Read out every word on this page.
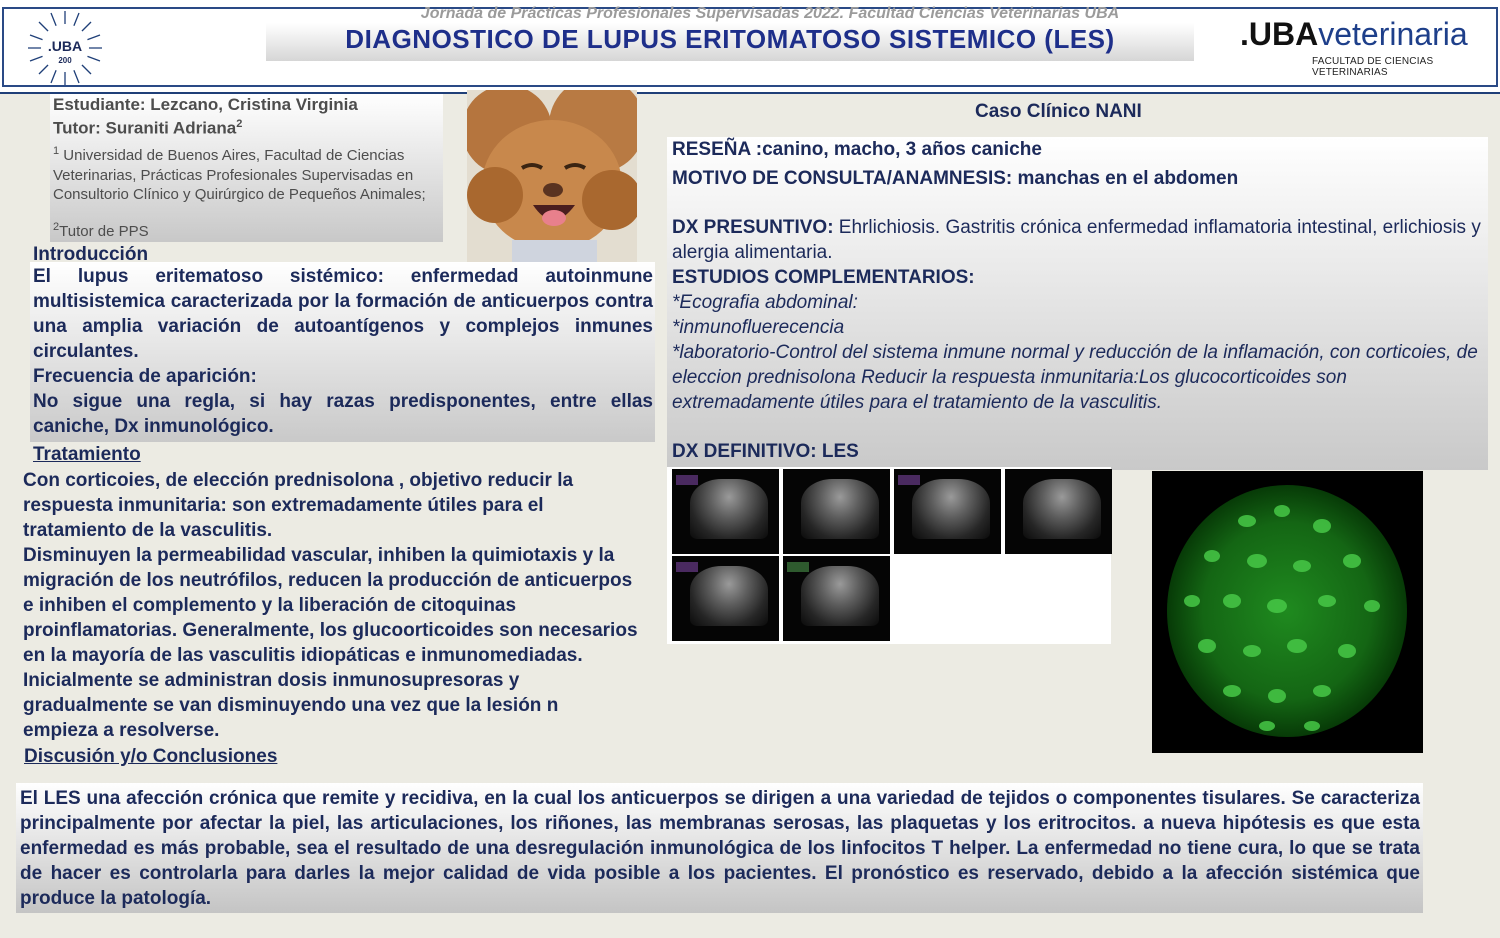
.UBA
200
Jornada de Prácticas Profesionales Supervisadas 2022. Facultad Ciencias Veterinarias UBA
DIAGNOSTICO DE LUPUS ERITOMATOSO SISTEMICO (LES)	.UBAveterinaria
FACULTAD DE CIENCIAS VETERINARIAS
Estudiante: Lezcano, Cristina Virginia
Tutor: Suraniti Adriana$^2$
$^1$ Universidad de Buenos Aires, Facultad de Ciencias Veterinarias, Prácticas Profesionales Supervisadas en Consultorio Clínico y Quirúrgico de Pequeños Animales;
$^2$Tutor de PPS
Introducción

El lupus eritematoso sistémico: enfermedad autoinmune multisistemica caracterizada por la formación de anticuerpos contra una amplia variación de autoantígenos y complejos inmunes circulantes.

Frecuencia de aparición:

No sigue una regla, si hay razas predisponentes, entre ellas caniche, Dx inmunológico.

Tratamiento

Con corticoies, de elección prednisolona , objetivo reducir la respuesta inmunitaria: son extremadamente útiles para el tratamiento de la vasculitis.

Disminuyen la permeabilidad vascular, inhiben la quimiotaxis y la migración de los neutrófilos, reducen la producción de anticuerpos e inhiben el complemento y la liberación de citoquinas proinflamatorias. Generalmente, los glucoorticoides son necesarios en la mayoría de las vasculitis idiopáticas e inmunomediadas. Inicialmente se administran dosis inmunosupresoras y gradualmente se van disminuyendo una vez que la lesión n empieza a resolverse.

Discusión y/o Conclusiones
El LES una afección crónica que remite y recidiva, en la cual los anticuerpos se dirigen a una variedad de tejidos o componentes tisulares. Se caracteriza principalmente por afectar la piel, las articulaciones, los riñones, las membranas serosas, las plaquetas y los eritrocitos. a nueva hipótesis es que esta enfermedad es más probable, sea el resultado de una desregulación inmunológica de los linfocitos T helper. La enfermedad no tiene cura, lo que se trata de hacer es controlarla para darles la mejor calidad de vida posible a los pacientes. El pronóstico es reservado, debido a la afección sistémica que produce la patología.
Caso Clínico NANI

RESEÑA :canino, macho, 3 años caniche

MOTIVO DE CONSULTA/ANAMNESIS: manchas en el abdomen

DX PRESUNTIVO: Ehrlichiosis. Gastritis crónica enfermedad inflamatoria intestinal, erlichiosis y alergia alimentaria.

ESTUDIOS COMPLEMENTARIOS:

*Ecografia abdominal:

*inmunofluerecencia

*laboratorio-Control del sistema inmune normal y reducción de la inflamación, con corticoies, de eleccion prednisolona Reducir la respuesta inmunitaria:Los glucocorticoides son extremadamente útiles para el tratamiento de la vasculitis.

DX DEFINITIVO: LES
